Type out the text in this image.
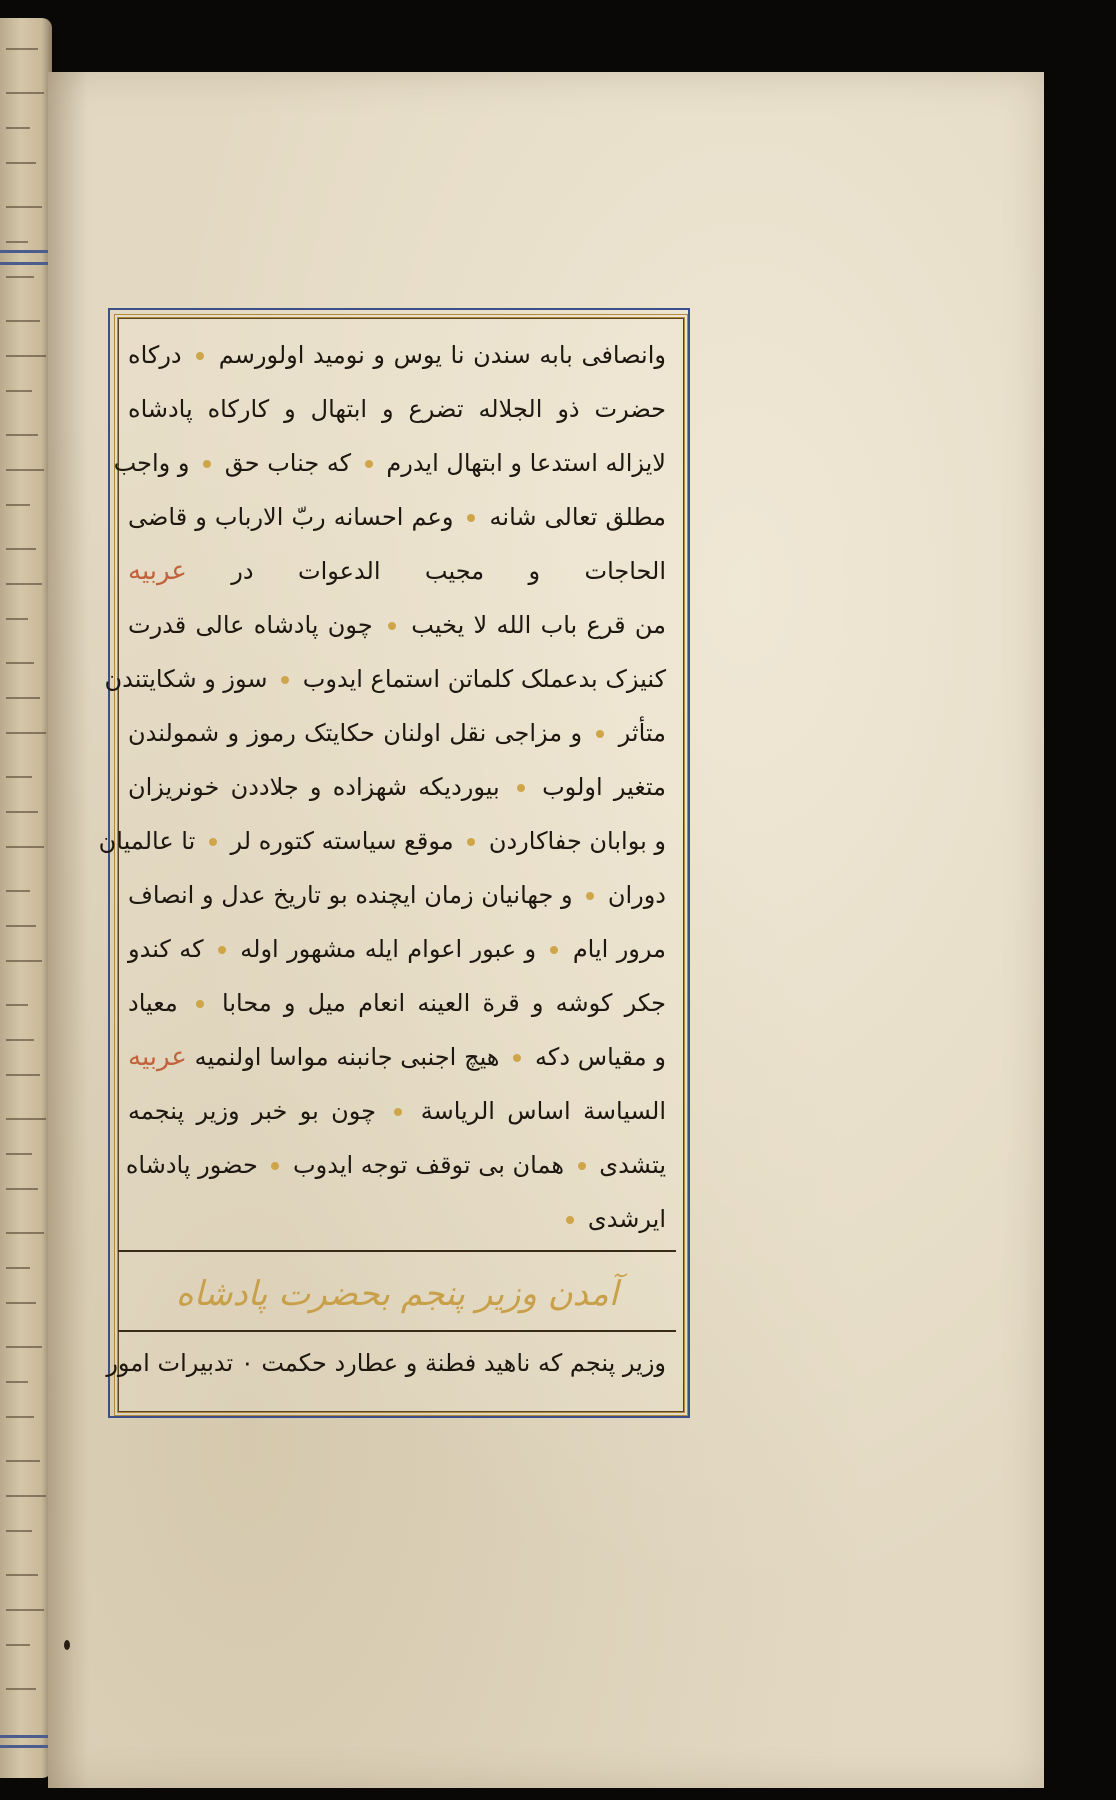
وانصافی بابه سندن نا یوس و نومید اولورسم  درکاه
حضرت ذو الجلاله تضرع و ابتهال و کارکاه پادشاه
لایزاله استدعا و ابتهال ایدرم  که جناب حق  و واجب
مطلق تعالی شانه  وعم احسانه ربّ الارباب و قاضی
الحاجات و مجیب الدعوات در عربیه
من قرع باب الله لا یخیب  چون پادشاه عالی قدرت
کنیزک بدعملک کلماتن استماع ایدوب  سوز و شکایتندن
متأثر  و مزاجی نقل اولنان حکایتک رموز و شمولندن
متغیر اولوب  بیوردیکه شهزاده و جلاددن خونریزان
و بوابان جفاکاردن  موقع سیاسته کتوره لر  تا عالمیان
دوران  و جهانیان زمان ایچنده بو تاریخ عدل و انصاف
مرور ایام  و عبور اعوام ایله مشهور اوله  که کندو
جکر کوشه و قرة العینه انعام میل و محابا  معیاد
و مقیاس دکه  هیچ اجنبی جانبنه مواسا اولنمیه عربیه
السیاسة اساس الریاسة  چون بو خبر وزیر پنجمه
یتشدی  همان بی توقف توجه ایدوب  حضور پادشاه
ایرشدی
آمدن وزیر پنجم بحضرت پادشاه
وزیر پنجم که ناهید فطنة و عطارد حکمت ۰ تدبیرات امور
